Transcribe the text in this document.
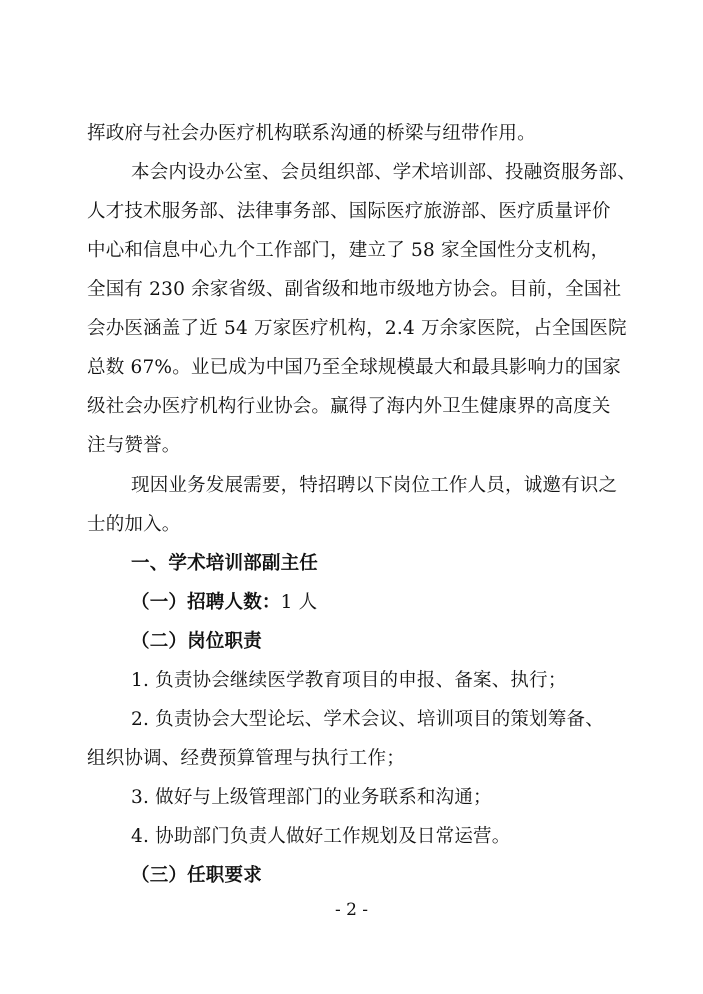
挥政府与社会办医疗机构联系沟通的桥梁与纽带作用。
本会内设办公室、会员组织部、学术培训部、投融资服务部、
人才技术服务部、法律事务部、国际医疗旅游部、医疗质量评价
中心和信息中心九个工作部门，建立了 58 家全国性分支机构，
全国有 230 余家省级、副省级和地市级地方协会。目前，全国社
会办医涵盖了近 54 万家医疗机构，2.4 万余家医院，占全国医院
总数 67%。业已成为中国乃至全球规模最大和最具影响力的国家
级社会办医疗机构行业协会。赢得了海内外卫生健康界的高度关
注与赞誉。
现因业务发展需要，特招聘以下岗位工作人员，诚邀有识之
士的加入。
一、学术培训部副主任
（一）招聘人数：1 人
（二）岗位职责
1. 负责协会继续医学教育项目的申报、备案、执行；
2. 负责协会大型论坛、学术会议、培训项目的策划筹备、
组织协调、经费预算管理与执行工作；
3. 做好与上级管理部门的业务联系和沟通；
4. 协助部门负责人做好工作规划及日常运营。
（三）任职要求
- 2 -
